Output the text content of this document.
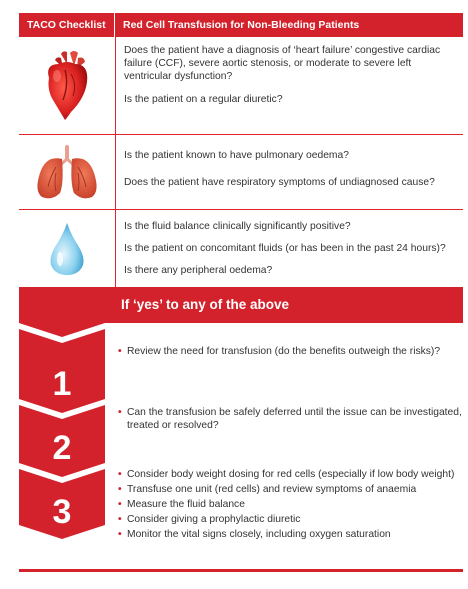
TACO Checklist	Red Cell Transfusion for Non-Bleeding Patients

Does the patient have a diagnosis of ‘heart failure’ congestive cardiac failure (CCF), severe aortic stenosis, or moderate to severe left ventricular dysfunction?

Is the patient on a regular diuretic?

Is the patient known to have pulmonary oedema?

Does the patient have respiratory symptoms of undiagnosed cause?

Is the fluid balance clinically significantly positive?

Is the patient on concomitant fluids (or has been in the past 24 hours)?

Is there any peripheral oedema?

1
2
3
If ‘yes’ to any of the above

• Review the need for transfusion (do the benefits outweigh the risks)?

• Can the transfusion be safely deferred until the issue can be investigated, treated or resolved?

• Consider body weight dosing for red cells (especially if low body weight)

• Transfuse one unit (red cells) and review symptoms of anaemia

• Measure the fluid balance

• Consider giving a prophylactic diuretic

• Monitor the vital signs closely, including oxygen saturation
